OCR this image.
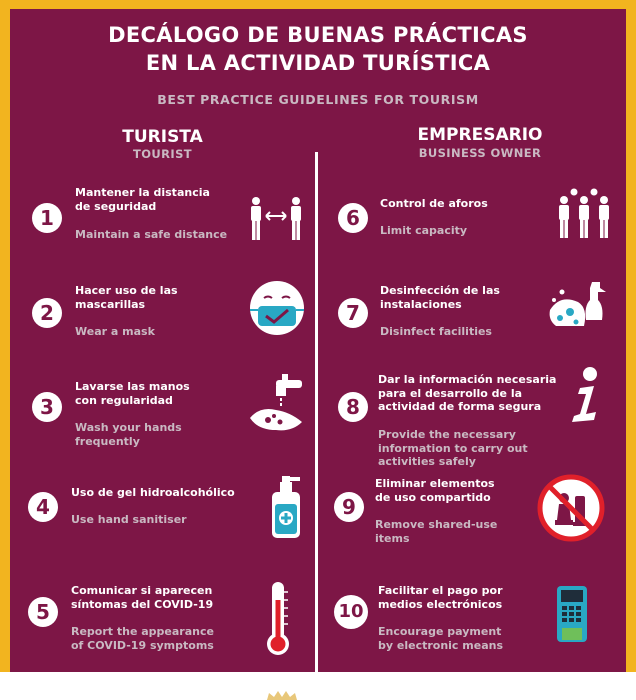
DECÁLOGO DE BUENAS PRÁCTICAS
EN LA ACTIVIDAD TURÍSTICA
BEST PRACTICE GUIDELINES FOR TOURISM
TURISTA
TOURIST
EMPRESARIO
BUSINESS OWNER
1
Mantener la distancia
de seguridad
Maintain a safe distance
2
Hacer uso de las
mascarillas
Wear a mask
3
Lavarse las manos
con regularidad
Wash your hands
frequently
4
Uso de gel hidroalcohólico
Use hand sanitiser
5
Comunicar si aparecen
síntomas del COVID-19
Report the appearance
of COVID-19 symptoms
6
Control de aforos
Limit capacity
7
Desinfección de las
instalaciones
Disinfect facilities
8
Dar la información necesaria
para el desarrollo de la
actividad de forma segura
Provide the necessary
information to carry out
activities safely
9
Eliminar elementos
de uso compartido
Remove shared-use
items
10
Facilitar el pago por
medios electrónicos
Encourage payment
by electronic means
